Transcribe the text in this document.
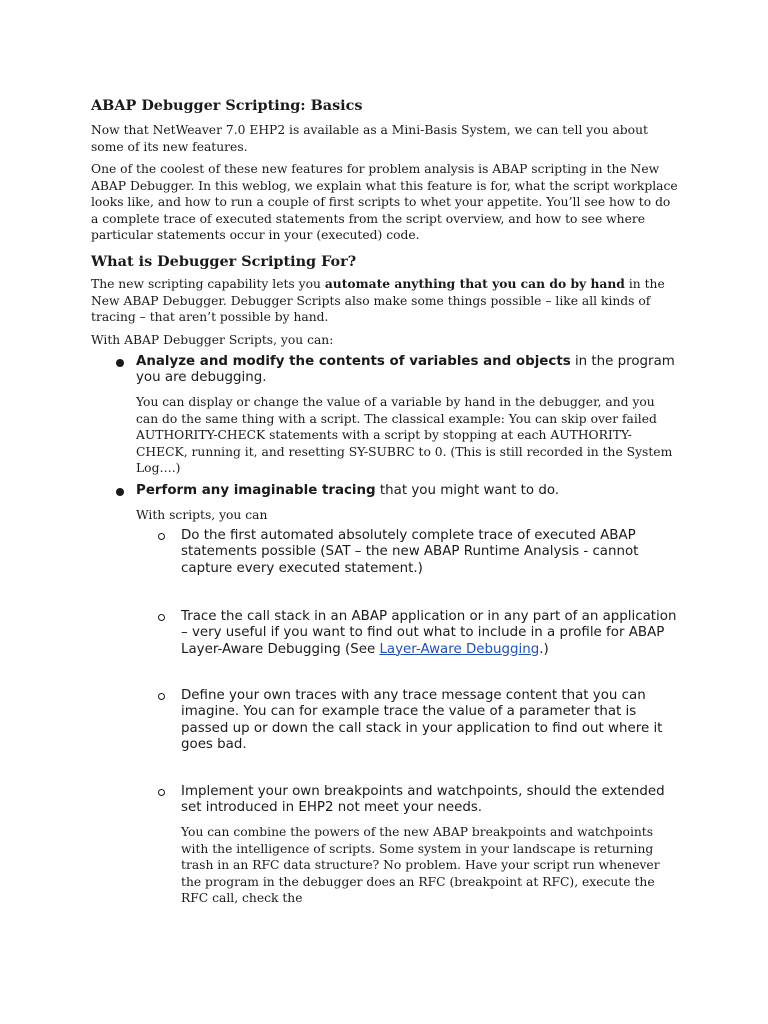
ABAP Debugger Scripting: Basics
Now that NetWeaver 7.0 EHP2 is available as a Mini-Basis System, we can tell you about some of its new features.
One of the coolest of these new features for problem analysis is ABAP scripting in the New ABAP Debugger. In this weblog, we explain what this feature is for, what the script workplace looks like, and how to run a couple of first scripts to whet your appetite. You’ll see how to do a complete trace of executed statements from the script overview, and how to see where particular statements occur in your (executed) code.
What is Debugger Scripting For?
The new scripting capability lets you automate anything that you can do by hand in the New ABAP Debugger. Debugger Scripts also make some things possible – like all kinds of tracing – that aren’t possible by hand.
With ABAP Debugger Scripts, you can:
Analyze and modify the contents of variables and objects in the program you are debugging.
You can display or change the value of a variable by hand in the debugger, and you can do the same thing with a script. The classical example: You can skip over failed AUTHORITY-CHECK statements with a script by stopping at each AUTHORITY-CHECK, running it, and resetting SY-SUBRC to 0. (This is still recorded in the System Log….)
Perform any imaginable tracing that you might want to do.
With scripts, you can
Do the first automated absolutely complete trace of executed ABAP statements possible (SAT – the new ABAP Runtime Analysis - cannot capture every executed statement.)
Trace the call stack in an ABAP application or in any part of an application – very useful if you want to find out what to include in a profile for ABAP Layer-Aware Debugging (See Layer-Aware Debugging.)
Define your own traces with any trace message content that you can imagine. You can for example trace the value of a parameter that is passed up or down the call stack in your application to find out where it goes bad.
Implement your own breakpoints and watchpoints, should the extended set introduced in EHP2 not meet your needs.
You can combine the powers of the new ABAP breakpoints and watchpoints with the intelligence of scripts. Some system in your landscape is returning trash in an RFC data structure? No problem. Have your script run whenever the program in the debugger does an RFC (breakpoint at RFC), execute the RFC call, check the
